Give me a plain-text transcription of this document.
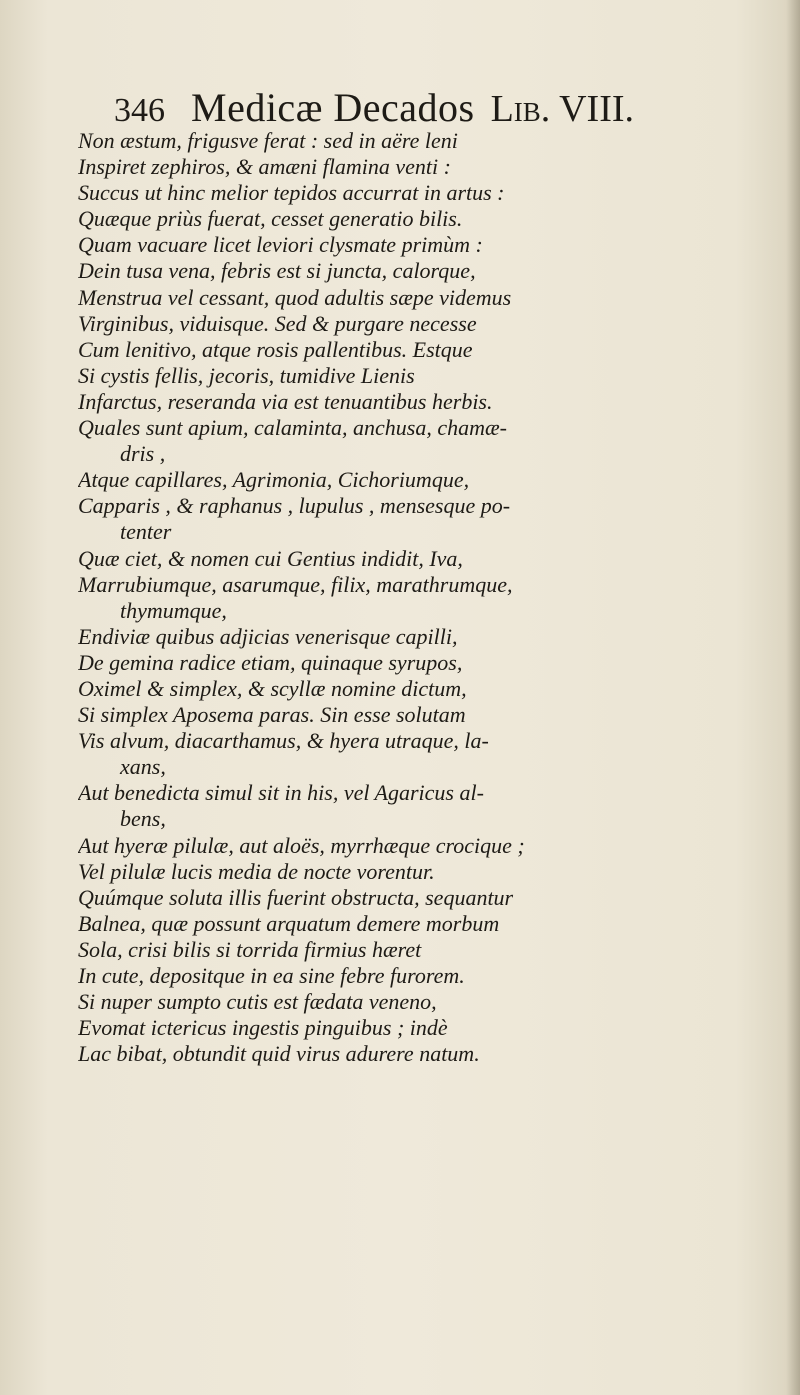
346 Medicæ Decados Lib. VIII.
Non æstum, frigusve ferat : sed in aëre leni
Inspiret zephiros, & amæni flamina venti :
Succus ut hinc melior tepidos accurrat in artus :
Quæque priùs fuerat, cesset generatio bilis.
Quam vacuare licet leviori clysmate primùm :
Dein tusa vena, febris est si juncta, calorque,
Menstrua vel cessant, quod adultis sæpe videmus
Virginibus, viduisque. Sed & purgare necesse
Cum lenitivo, atque rosis pallentibus. Estque
Si cystis fellis, jecoris, tumidive Lienis
Infarctus, reseranda via est tenuantibus herbis.
Quales sunt apium, calaminta, anchusa, chamæ-
dris ,
Atque capillares, Agrimonia, Cichoriumque,
Capparis , & raphanus , lupulus , mensesque po-
tenter
Quæ ciet, & nomen cui Gentius indidit, Iva,
Marrubiumque, asarumque, filix, marathrumque,
thymumque,
Endiviæ quibus adjicias venerisque capilli,
De gemina radice etiam, quinaque syrupos,
Oximel & simplex, & scyllæ nomine dictum,
Si simplex Aposema paras. Sin esse solutam
Vis alvum, diacarthamus, & hyera utraque, la-
xans,
Aut benedicta simul sit in his, vel Agaricus al-
bens,
Aut hyeræ pilulæ, aut aloës, myrrhæque crocique ;
Vel pilulæ lucis media de nocte vorentur.
Quúmque soluta illis fuerint obstructa, sequantur
Balnea, quæ possunt arquatum demere morbum
Sola, crisi bilis si torrida firmius hæret
In cute, depositque in ea sine febre furorem.
Si nuper sumpto cutis est fædata veneno,
Evomat ictericus ingestis pinguibus ; indè
Lac bibat, obtundit quid virus adurere natum.
